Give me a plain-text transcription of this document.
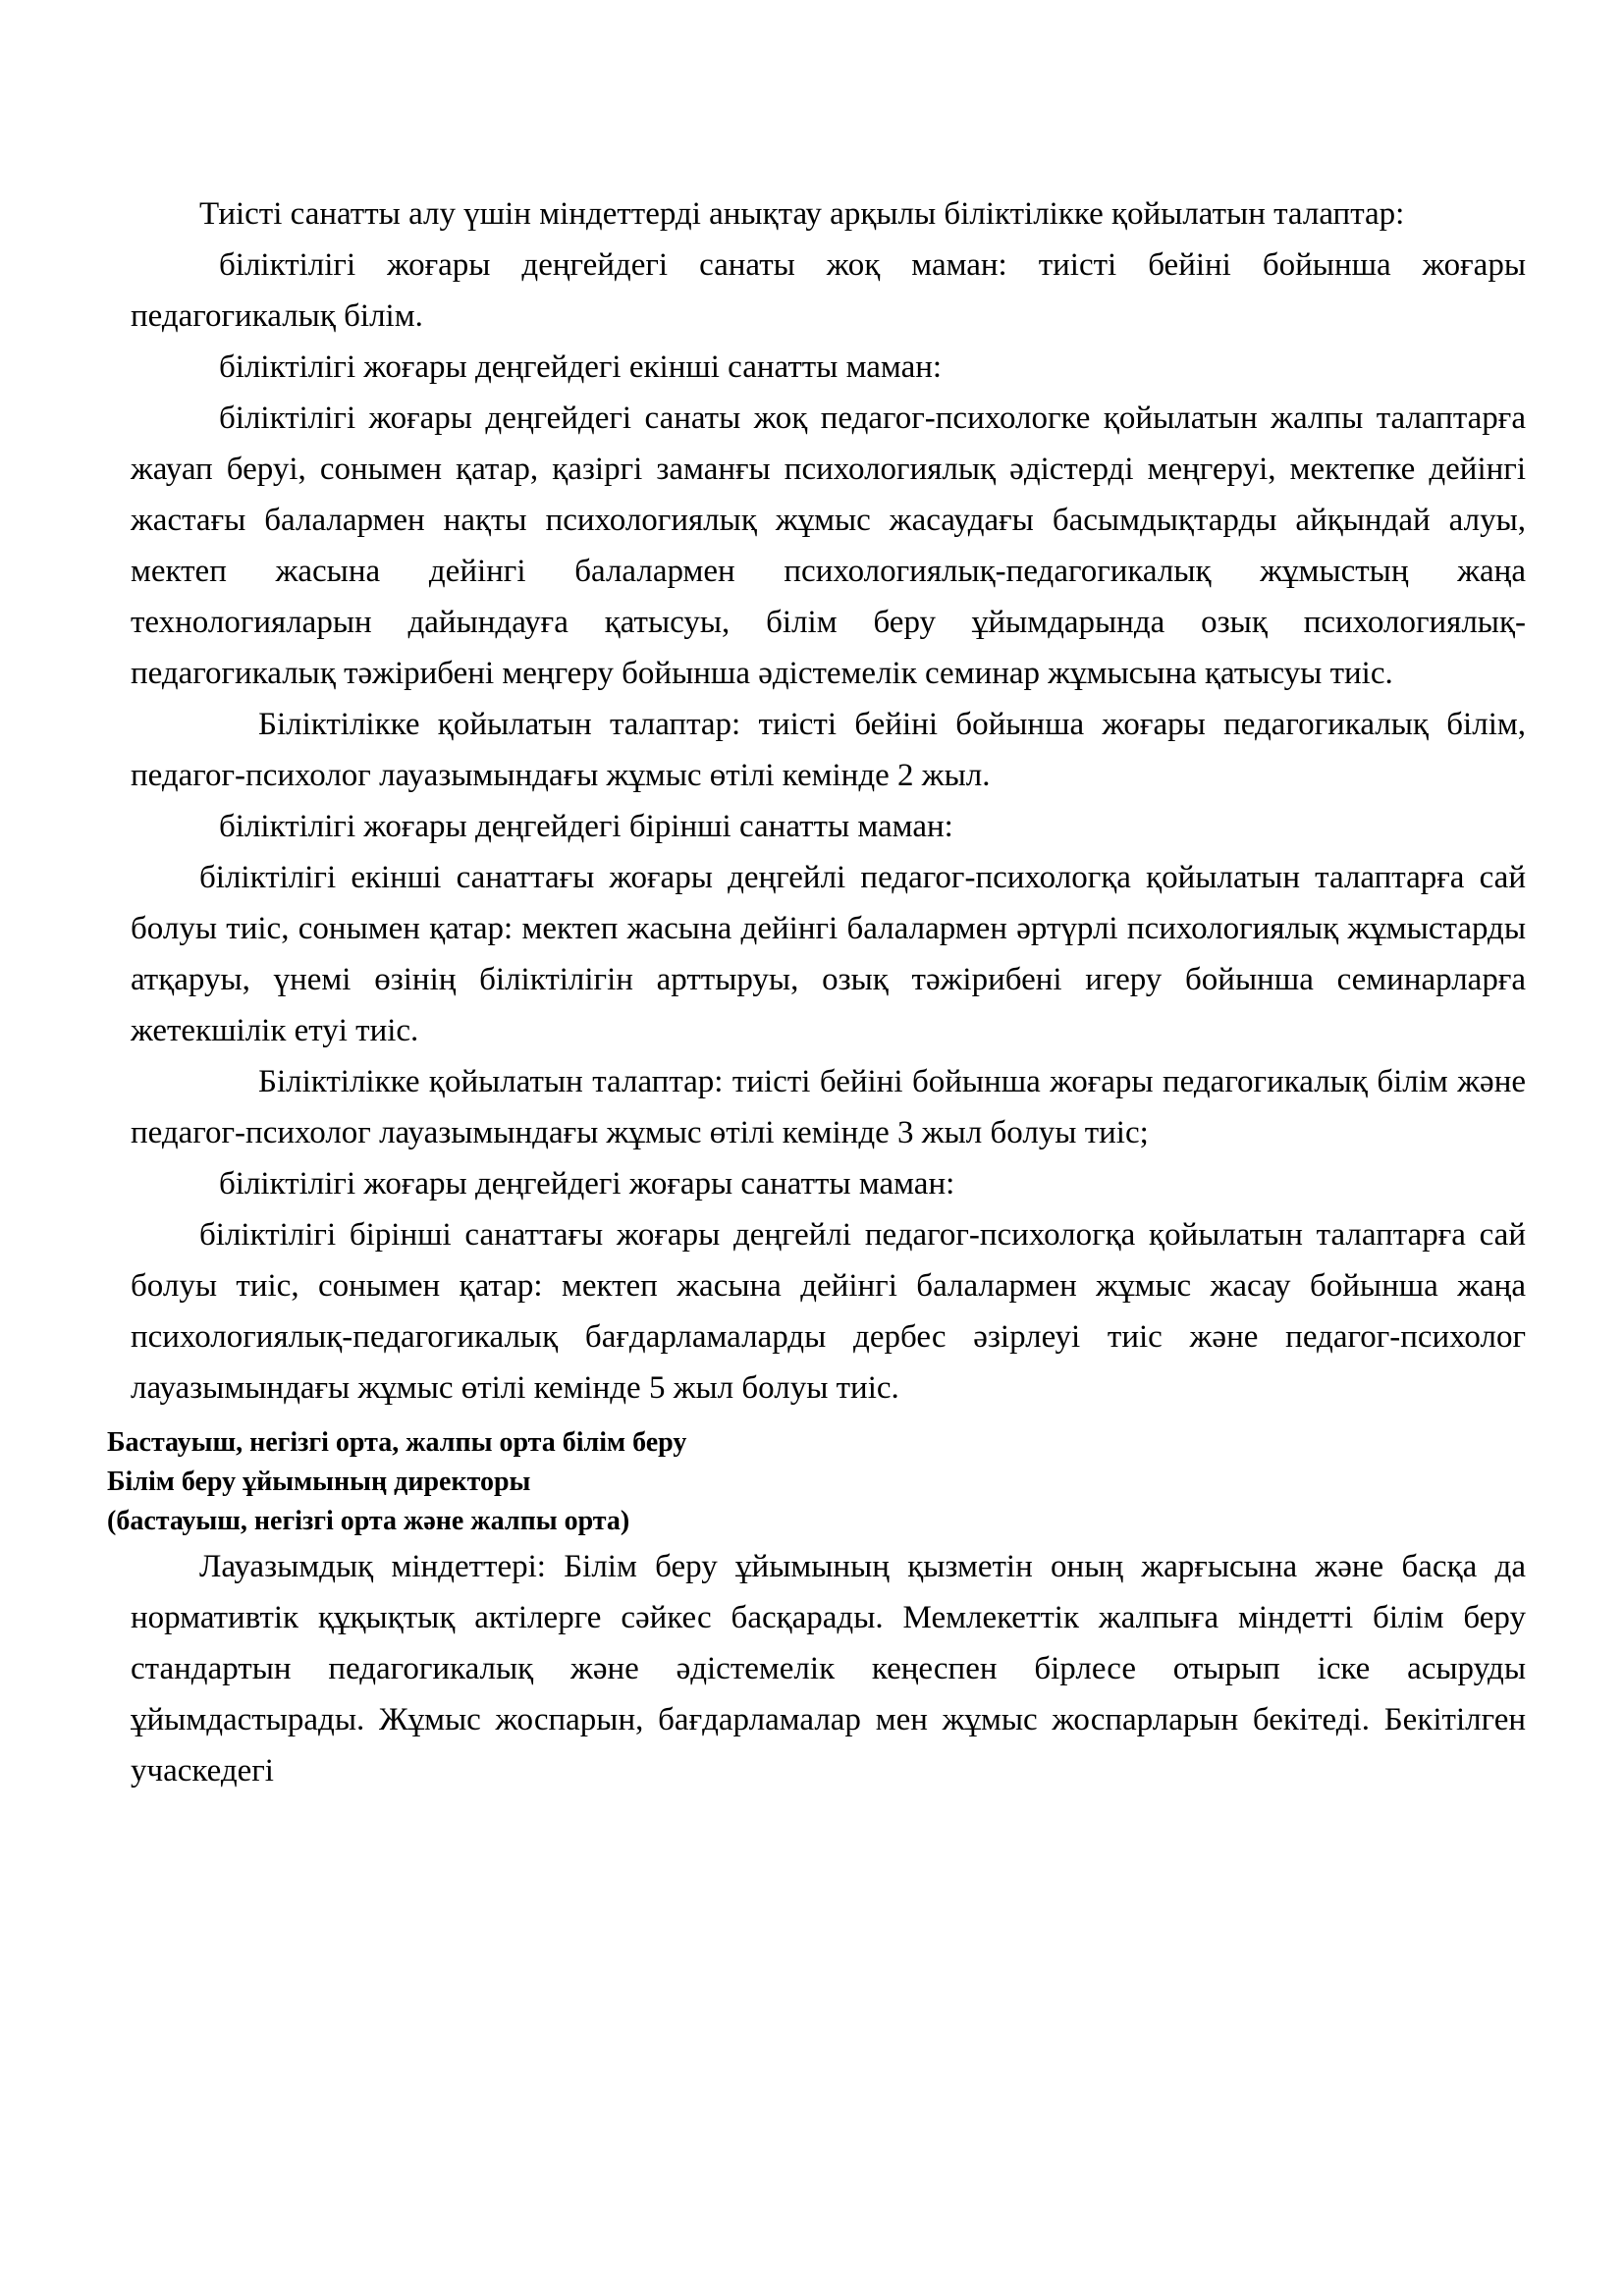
Тиісті санатты алу үшін міндеттерді анықтау арқылы біліктілікке қойылатын талаптар:

біліктілігі жоғары деңгейдегі санаты жоқ маман: тиісті бейіні бойынша жоғары педагогикалық білім.

біліктілігі жоғары деңгейдегі екінші санатты маман:

біліктілігі жоғары деңгейдегі санаты жоқ педагог-психологке қойылатын жалпы талаптарға жауап беруі, сонымен қатар, қазіргі заманғы психологиялық әдістерді меңгеруі, мектепке дейінгі жастағы балалармен нақты психологиялық жұмыс жасаудағы басымдықтарды айқындай алуы, мектеп жасына дейінгі балалармен психологиялық-педагогикалық жұмыстың жаңа технологияларын дайындауға қатысуы, білім беру ұйымдарында озық психологиялық-педагогикалық тәжірибені меңгеру бойынша әдістемелік семинар жұмысына қатысуы тиіс.

Біліктілікке қойылатын талаптар: тиісті бейіні бойынша жоғары педагогикалық білім, педагог-психолог лауазымындағы жұмыс өтілі кемінде 2 жыл.

біліктілігі жоғары деңгейдегі бірінші санатты маман:

біліктілігі екінші санаттағы жоғары деңгейлі педагог-психологқа қойылатын талаптарға сай болуы тиіс, сонымен қатар: мектеп жасына дейінгі балалармен әртүрлі психологиялық жұмыстарды атқаруы, үнемі өзінің біліктілігін арттыруы, озық тәжірибені игеру бойынша семинарларға жетекшілік етуі тиіс.

Біліктілікке қойылатын талаптар: тиісті бейіні бойынша жоғары педагогикалық білім және педагог-психолог лауазымындағы жұмыс өтілі кемінде 3 жыл болуы тиіс;

біліктілігі жоғары деңгейдегі жоғары санатты маман:

біліктілігі бірінші санаттағы жоғары деңгейлі педагог-психологқа қойылатын талаптарға сай болуы тиіс, сонымен қатар: мектеп жасына дейінгі балалармен жұмыс жасау бойынша жаңа психологиялық-педагогикалық бағдарламаларды дербес әзірлеуі тиіс және педагог-психолог лауазымындағы жұмыс өтілі кемінде 5 жыл болуы тиіс.

Бастауыш, негізгі орта, жалпы орта білім беру

Білім беру ұйымының директоры

(бастауыш, негізгі орта және жалпы орта)

Лауазымдық міндеттері: Білім беру ұйымының қызметін оның жарғысына және басқа да нормативтік құқықтық актілерге сәйкес басқарады. Мемлекеттік жалпыға міндетті білім беру стандартын педагогикалық және әдістемелік кеңеспен бірлесе отырып іске асыруды ұйымдастырады. Жұмыс жоспарын, бағдарламалар мен жұмыс жоспарларын бекітеді. Бекітілген учаскедегі
